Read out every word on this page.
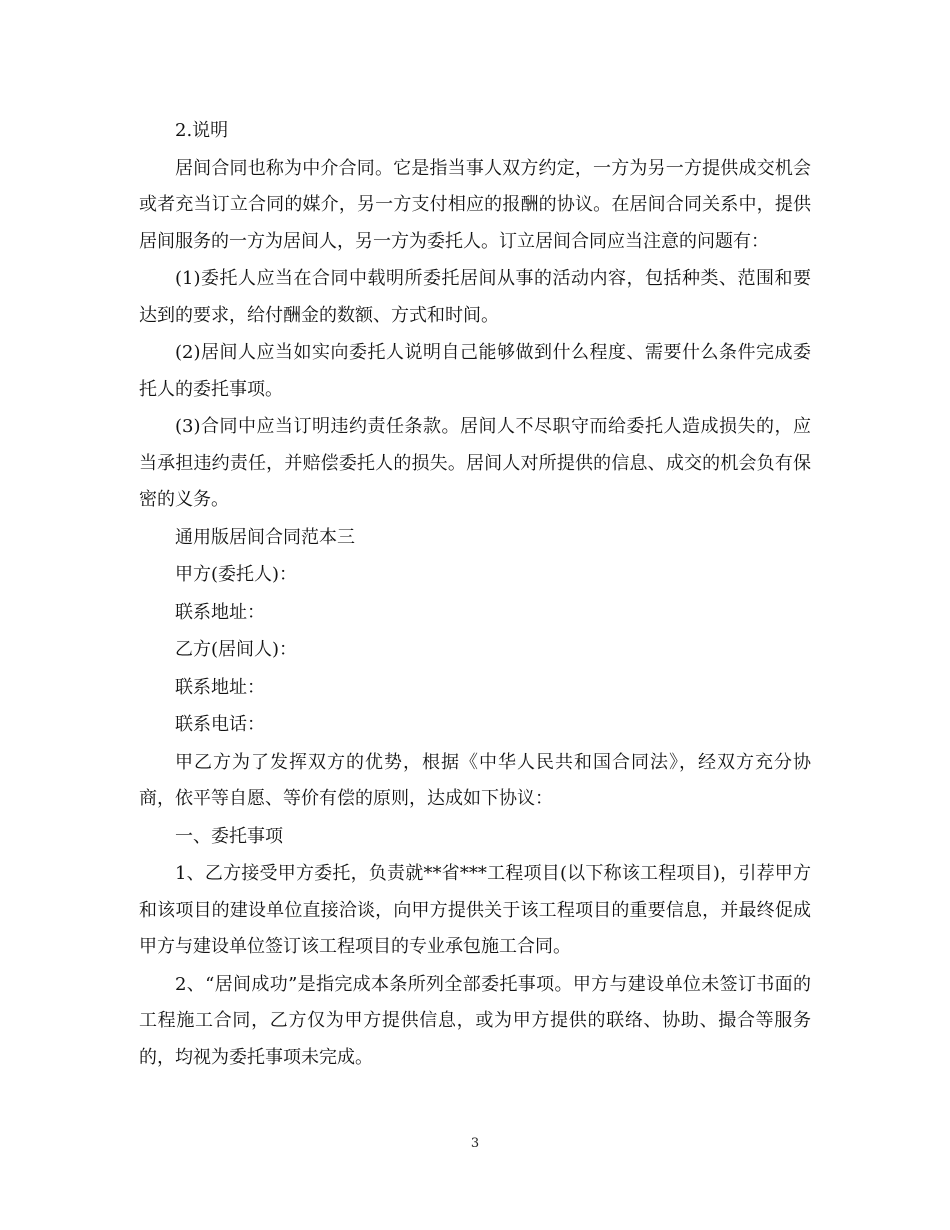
2.说明

居间合同也称为中介合同。它是指当事人双方约定，一方为另一方提供成交机会或者充当订立合同的媒介，另一方支付相应的报酬的协议。在居间合同关系中，提供居间服务的一方为居间人，另一方为委托人。订立居间合同应当注意的问题有：

(1)委托人应当在合同中载明所委托居间从事的活动内容，包括种类、范围和要达到的要求，给付酬金的数额、方式和时间。

(2)居间人应当如实向委托人说明自己能够做到什么程度、需要什么条件完成委托人的委托事项。

(3)合同中应当订明违约责任条款。居间人不尽职守而给委托人造成损失的，应当承担违约责任，并赔偿委托人的损失。居间人对所提供的信息、成交的机会负有保密的义务。

通用版居间合同范本三

甲方(委托人)：

联系地址：

乙方(居间人)：

联系地址：

联系电话：

甲乙方为了发挥双方的优势，根据《中华人民共和国合同法》，经双方充分协商，依平等自愿、等价有偿的原则，达成如下协议：

一、委托事项

1、乙方接受甲方委托，负责就**省***工程项目(以下称该工程项目)，引荐甲方和该项目的建设单位直接洽谈，向甲方提供关于该工程项目的重要信息，并最终促成甲方与建设单位签订该工程项目的专业承包施工合同。

2、“居间成功”是指完成本条所列全部委托事项。甲方与建设单位未签订书面的工程施工合同，乙方仅为甲方提供信息，或为甲方提供的联络、协助、撮合等服务的，均视为委托事项未完成。

3
